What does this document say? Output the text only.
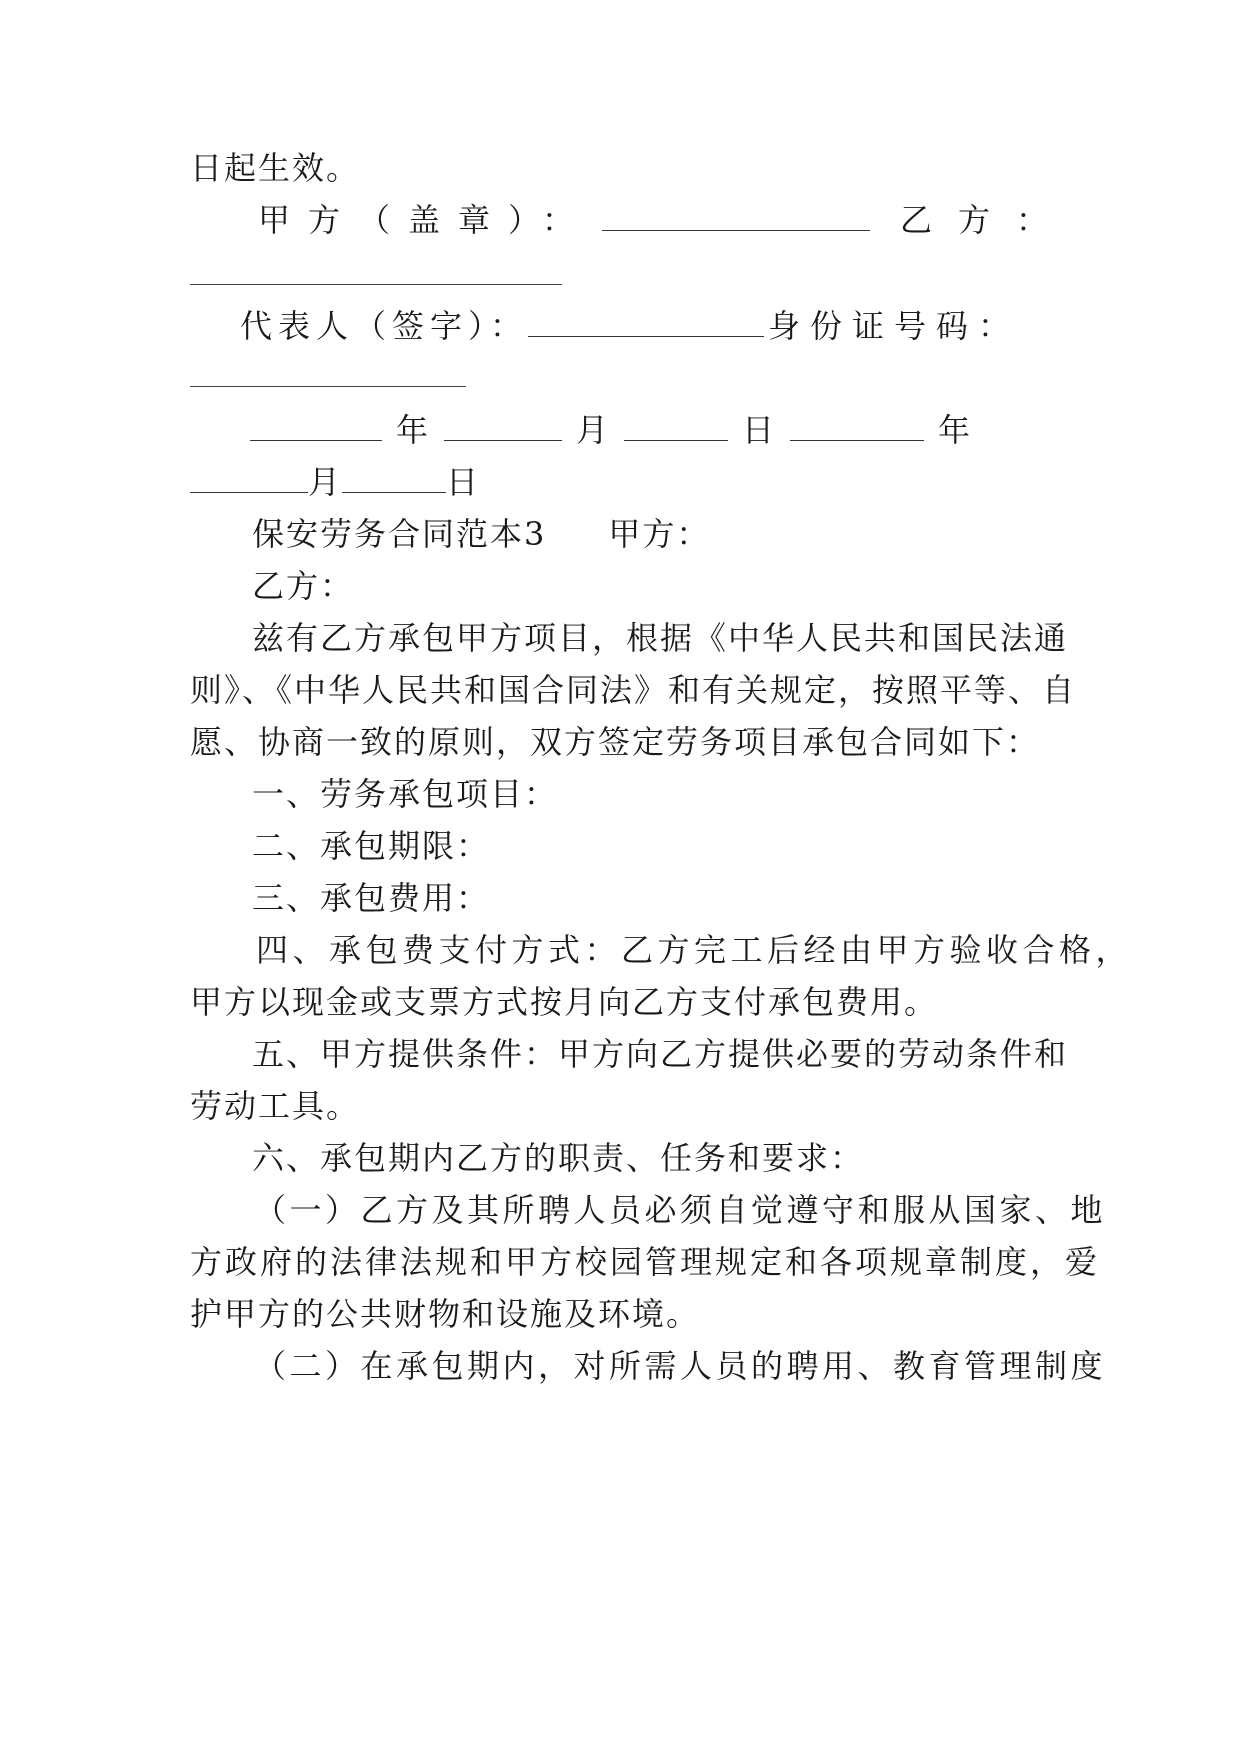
日起生效。
甲方（盖章）：	乙方：
代表人（签字）：	身份证号码：
年	月	日	年
月	日
保安劳务合同范本3 甲方：
乙方：
兹有乙方承包甲方项目，根据《中华人民共和国民法通
则》、《中华人民共和国合同法》和有关规定，按照平等、自
愿、协商一致的原则，双方签定劳务项目承包合同如下：
一、劳务承包项目：
二、承包期限：
三、承包费用：
四、承包费支付方式：乙方完工后经由甲方验收合格，
甲方以现金或支票方式按月向乙方支付承包费用。
五、甲方提供条件：甲方向乙方提供必要的劳动条件和
劳动工具。
六、承包期内乙方的职责、任务和要求：
（一）乙方及其所聘人员必须自觉遵守和服从国家、地
方政府的法律法规和甲方校园管理规定和各项规章制度，爱
护甲方的公共财物和设施及环境。
（二）在承包期内，对所需人员的聘用、教育管理制度
